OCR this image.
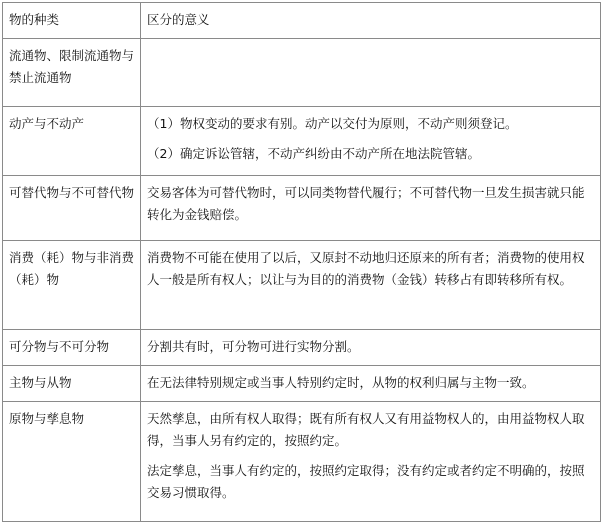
物的种类	区分的意义
流通物、限制流通物与禁止流通物	

动产与不动产	（1）物权变动的要求有别。动产以交付为原则，不动产则须登记。

（2）确定诉讼管辖，不动产纠纷由不动产所在地法院管辖。

可替代物与不可替代物	交易客体为可替代物时，可以同类物替代履行；不可替代物一旦发生损害就只能转化为金钱赔偿。

消费（耗）物与非消费（耗）物	消费物不可能在使用了以后，又原封不动地归还原来的所有者；消费物的使用权人一般是所有权人；以让与为目的的消费物（金钱）转移占有即转移所有权。

可分物与不可分物	分割共有时，可分物可进行实物分割。

主物与从物	在无法律特别规定或当事人特别约定时，从物的权利归属与主物一致。

原物与孳息物	天然孳息，由所有权人取得；既有所有权人又有用益物权人的，由用益物权人取得，当事人另有约定的，按照约定。

法定孳息，当事人有约定的，按照约定取得；没有约定或者约定不明确的，按照交易习惯取得。
